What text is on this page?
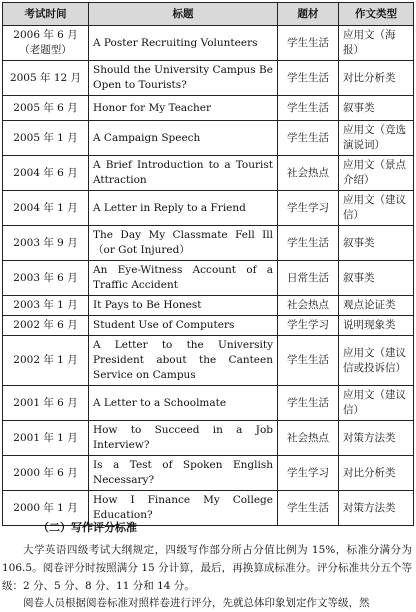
考试时间	标题	题材	作文类型
2006 年 6 月（老题型）	A Poster Recruiting Volunteers	学生生活	应用文（海报）
2005 年 12 月	Should the University Campus Be Open to Tourists?	学生生活	对比分析类
2005 年 6 月	Honor for My Teacher	学生生活	叙事类
2005 年 1 月	A Campaign Speech	学生生活	应用文（竞选演说词）
2004 年 6 月	A Brief Introduction to a Tourist Attraction	社会热点	应用文（景点介绍）
2004 年 1 月	A Letter in Reply to a Friend	学生学习	应用文（建议信）
2003 年 9 月	The Day My Classmate Fell Ill（or Got Injured）	学生生活	叙事类
2003 年 6 月	An Eye-Witness Account of a Traffic Accident	日常生活	叙事类
2003 年 1 月	It Pays to Be Honest	社会热点	观点论证类
2002 年 6 月	Student Use of Computers	学生学习	说明现象类
2002 年 1 月	A Letter to the University President about the Canteen Service on Campus	学生生活	应用文（建议信或投诉信）
2001 年 6 月	A Letter to a Schoolmate	学生生活	应用文（建议信）
2001 年 1 月	How to Succeed in a Job Interview?	社会热点	对策方法类
2000 年 6 月	Is a Test of Spoken English Necessary?	学生学习	对比分析类
2000 年 1 月	How I Finance My College Education?	学生生活	对策方法类
（二）写作评分标准
大学英语四级考试大纲规定，四级写作部分所占分值比例为 15%，标准分满分为 106.5。阅卷评分时按照满分 15 分计算，最后，再换算成标准分。评分标准共分五个等级：2 分、5 分、8 分、11 分和 14 分。
阅卷人员根据阅卷标准对照样卷进行评分，先就总体印象划定作文等级，然
